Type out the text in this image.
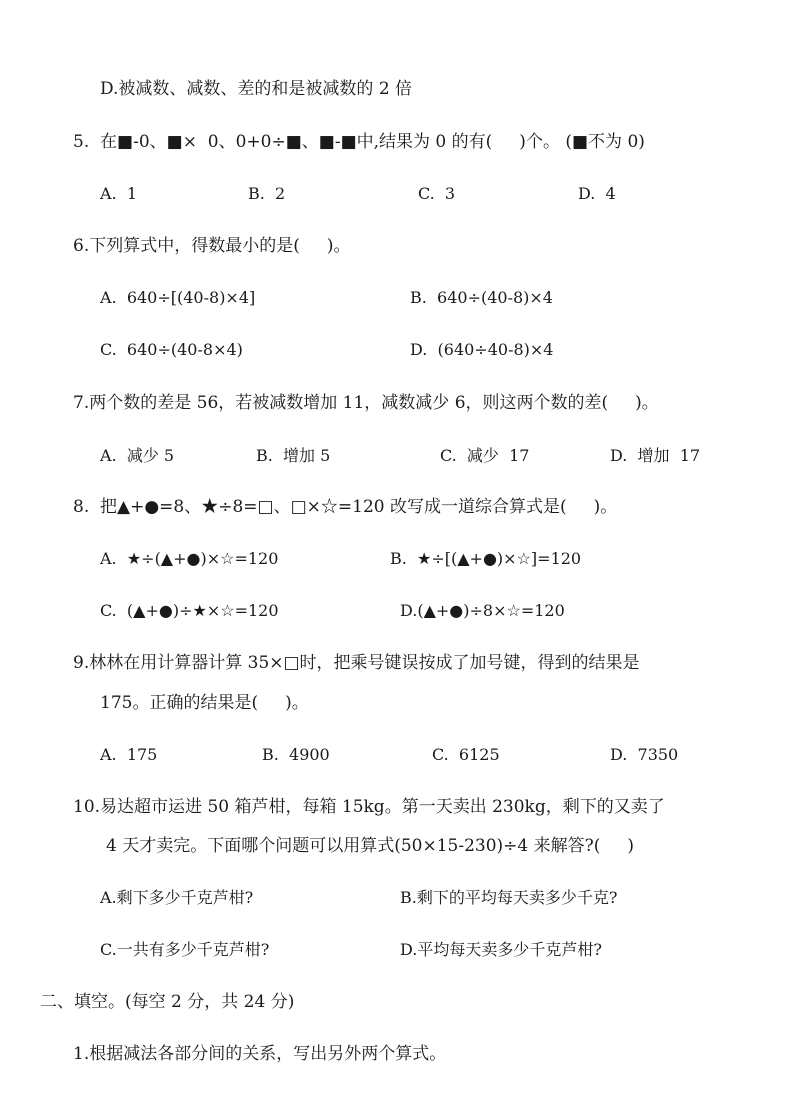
D.被减数、减数、差的和是被减数的 2 倍
5.  在■-0、■×  0、0+0÷■、■-■中,结果为 0 的有(     )个。 (■不为 0)
A.  1	B.  2	C.  3	D.  4
6.下列算式中，得数最小的是(     )。
A.  640÷[(40-8)×4]	B.  640÷(40-8)×4
C.  640÷(40-8×4)	D.  (640÷40-8)×4
7.两个数的差是 56，若被减数增加 11，减数减少 6，则这两个数的差(     )。
A.  减少 5	B.  增加 5	C.  减少  17	D.  增加  17
8.  把▲+●=8、★÷8=□、□×☆=120 改写成一道综合算式是(     )。
A.  ★÷(▲+●)×☆=120	B.  ★÷[(▲+●)×☆]=120
C.  (▲+●)÷★×☆=120	D.(▲+●)÷8×☆=120
9.林林在用计算器计算 35×□时，把乘号键误按成了加号键，得到的结果是
175。正确的结果是(     )。
A.  175	B.  4900	C.  6125	D.  7350
10.易达超市运进 50 箱芦柑，每箱 15kg。第一天卖出 230kg，剩下的又卖了
4 天才卖完。下面哪个问题可以用算式(50×15-230)÷4 来解答?(     )
A.剩下多少千克芦柑?	B.剩下的平均每天卖多少千克?
C.一共有多少千克芦柑?	D.平均每天卖多少千克芦柑?
二、填空。(每空 2 分，共 24 分)
1.根据减法各部分间的关系，写出另外两个算式。
